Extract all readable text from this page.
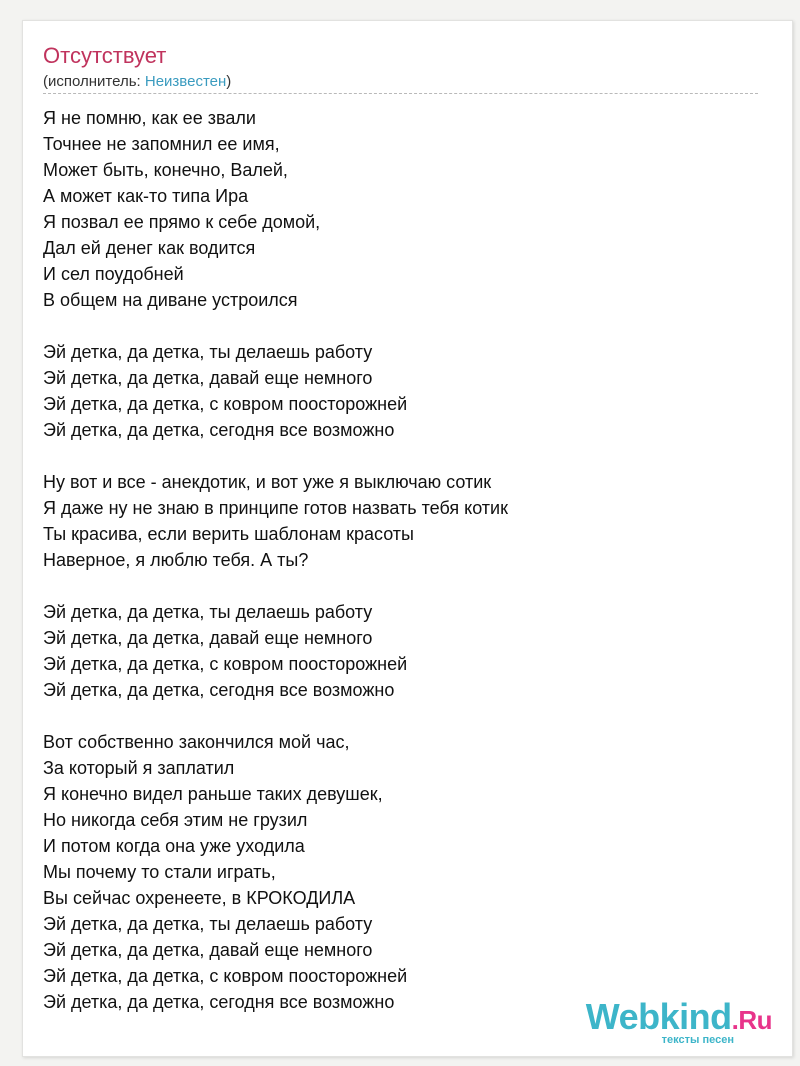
Отсутствует
(исполнитель: Неизвестен)
Я не помню, как ее звали
Точнее не запомнил ее имя,
Может быть, конечно, Валей,
А может как-то типа Ира
Я позвал ее прямо к себе домой,
Дал ей денег как водится
И сел поудобней
В общем на диване устроился
Эй детка, да детка, ты делаешь работу
Эй детка, да детка, давай еще немного
Эй детка, да детка, с ковром поосторожней
Эй детка, да детка, сегодня все возможно
Ну вот и все - анекдотик, и вот уже я выключаю сотик
Я даже ну не знаю в принципе готов назвать тебя котик
Ты красива, если верить шаблонам красоты
Наверное, я люблю тебя. А ты?
Эй детка, да детка, ты делаешь работу
Эй детка, да детка, давай еще немного
Эй детка, да детка, с ковром поосторожней
Эй детка, да детка, сегодня все возможно
Вот собственно закончился мой час,
За который я заплатил
Я конечно видел раньше таких девушек,
Но никогда себя этим не грузил
И потом когда она уже уходила
Мы почему то стали играть,
Вы сейчас охренеете, в КРОКОДИЛА
Эй детка, да детка, ты делаешь работу
Эй детка, да детка, давай еще немного
Эй детка, да детка, с ковром поосторожней
Эй детка, да детка, сегодня все возможно	Webkind.Ru
тексты песен
